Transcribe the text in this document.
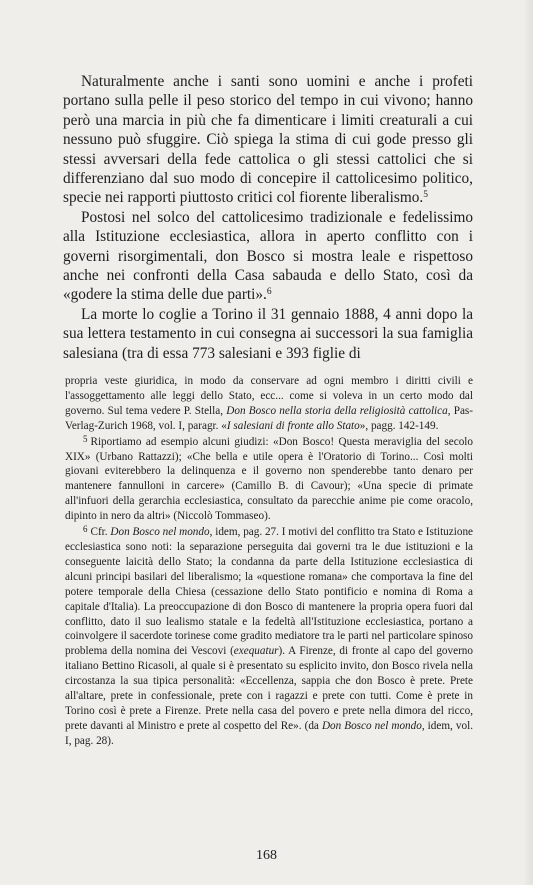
Naturalmente anche i santi sono uomini e anche i profeti portano sulla pelle il peso storico del tempo in cui vivono; hanno però una marcia in più che fa dimenticare i limiti creaturali a cui nessuno può sfuggire. Ciò spiega la stima di cui gode presso gli stessi avversari della fede cattolica o gli stessi cattolici che si differenziano dal suo modo di concepire il cattolicesimo politico, specie nei rapporti piuttosto critici col fiorente liberalismo.$^5$

Postosi nel solco del cattolicesimo tradizionale e fedelissimo alla Istituzione ecclesiastica, allora in aperto conflitto con i governi risorgimentali, don Bosco si mostra leale e rispettoso anche nei confronti della Casa sabauda e dello Stato, così da «godere la stima delle due parti».$^6$

La morte lo coglie a Torino il 31 gennaio 1888, 4 anni dopo la sua lettera testamento in cui consegna ai successori la sua famiglia salesiana (tra di essa 773 salesiani e 393 figlie di

propria veste giuridica, in modo da conservare ad ogni membro i diritti civili e l'assoggettamento alle leggi dello Stato, ecc... come si voleva in un certo modo dal governo. Sul tema vedere P. Stella, Don Bosco nella storia della religiosità cattolica, Pas-Verlag-Zurich 1968, vol. I, paragr. «I salesiani di fronte allo Stato», pagg. 142-149.

$^5$ Riportiamo ad esempio alcuni giudizi: «Don Bosco! Questa meraviglia del secolo XIX» (Urbano Rattazzi); «Che bella e utile opera è l'Oratorio di Torino... Così molti giovani eviterebbero la delinquenza e il governo non spenderebbe tanto denaro per mantenere fannulloni in carcere» (Camillo B. di Cavour); «Una specie di primate all'infuori della gerarchia ecclesiastica, consultato da parecchie anime pie come oracolo, dipinto in nero da altri» (Niccolò Tommaseo).

$^6$ Cfr. Don Bosco nel mondo, idem, pag. 27. I motivi del conflitto tra Stato e Istituzione ecclesiastica sono noti: la separazione perseguita dai governi tra le due istituzioni e la conseguente laicità dello Stato; la condanna da parte della Istituzione ecclesiastica di alcuni principi basilari del liberalismo; la «questione romana» che comportava la fine del potere temporale della Chiesa (cessazione dello Stato pontificio e nomina di Roma a capitale d'Italia). La preoccupazione di don Bosco di mantenere la propria opera fuori dal conflitto, dato il suo lealismo statale e la fedeltà all'Istituzione ecclesiastica, portano a coinvolgere il sacerdote torinese come gradito mediatore tra le parti nel particolare spinoso problema della nomina dei Vescovi (exequatur). A Firenze, di fronte al capo del governo italiano Bettino Ricasoli, al quale si è presentato su esplicito invito, don Bosco rivela nella circostanza la sua tipica personalità: «Eccellenza, sappia che don Bosco è prete. Prete all'altare, prete in confessionale, prete con i ragazzi e prete con tutti. Come è prete in Torino così è prete a Firenze. Prete nella casa del povero e prete nella dimora del ricco, prete davanti al Ministro e prete al cospetto del Re». (da Don Bosco nel mondo, idem, vol. I, pag. 28).

168
